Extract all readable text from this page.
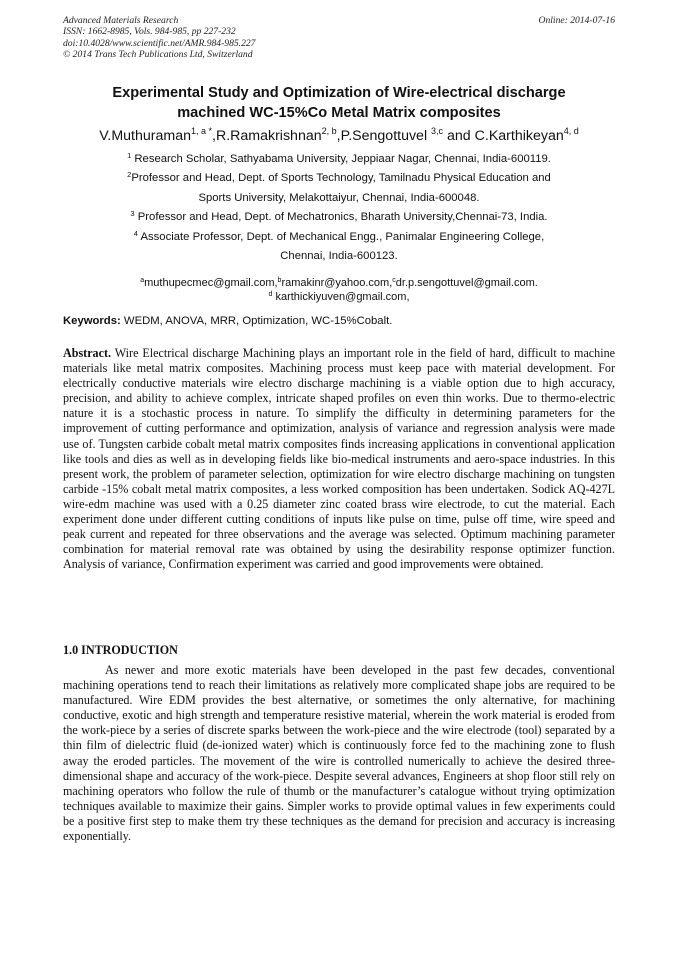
Advanced Materials Research
ISSN: 1662-8985, Vols. 984-985, pp 227-232
doi:10.4028/www.scientific.net/AMR.984-985.227
© 2014 Trans Tech Publications Ltd, Switzerland
Online: 2014-07-16
Experimental Study and Optimization of Wire-electrical discharge
machined WC-15%Co Metal Matrix composites
V.Muthuraman$^{1, a *}$,R.Ramakrishnan$^{2, b}$,P.Sengottuvel $^{3,c}$ and C.Karthikeyan$^{4, d}$
$^1$ Research Scholar, Sathyabama University, Jeppiaar Nagar, Chennai, India-600119.
$^2$Professor and Head, Dept. of Sports Technology, Tamilnadu Physical Education and
Sports University, Melakottaiyur, Chennai, India-600048.
$^3$ Professor and Head, Dept. of Mechatronics, Bharath University,Chennai-73, India.
$^4$ Associate Professor, Dept. of Mechanical Engg., Panimalar Engineering College,
Chennai, India-600123.
$^a$muthupecmec@gmail.com,$^b$ramakinr@yahoo.com,$^c$dr.p.sengottuvel@gmail.com.
$^d$ karthickiyuven@gmail.com,
Keywords: WEDM, ANOVA, MRR, Optimization, WC-15%Cobalt.
Abstract. Wire Electrical discharge Machining plays an important role in the field of hard, difficult to machine materials like metal matrix composites. Machining process must keep pace with material development. For electrically conductive materials wire electro discharge machining is a viable option due to high accuracy, precision, and ability to achieve complex, intricate shaped profiles on even thin works. Due to thermo-electric nature it is a stochastic process in nature. To simplify the difficulty in determining parameters for the improvement of cutting performance and optimization, analysis of variance and regression analysis were made use of. Tungsten carbide cobalt metal matrix composites finds increasing applications in conventional application like tools and dies as well as in developing fields like bio-medical instruments and aero-space industries. In this present work, the problem of parameter selection, optimization for wire electro discharge machining on tungsten carbide -15% cobalt metal matrix composites, a less worked composition has been undertaken. Sodick AQ-427L wire-edm machine was used with a 0.25 diameter zinc coated brass wire electrode, to cut the material. Each experiment done under different cutting conditions of inputs like pulse on time, pulse off time, wire speed and peak current and repeated for three observations and the average was selected. Optimum machining parameter combination for material removal rate was obtained by using the desirability response optimizer function. Analysis of variance, Confirmation experiment was carried and good improvements were obtained.
1.0 INTRODUCTION
As newer and more exotic materials have been developed in the past few decades, conventional machining operations tend to reach their limitations as relatively more complicated shape jobs are required to be manufactured. Wire EDM provides the best alternative, or sometimes the only alternative, for machining conductive, exotic and high strength and temperature resistive material, wherein the work material is eroded from the work-piece by a series of discrete sparks between the work-piece and the wire electrode (tool) separated by a thin film of dielectric fluid (de-ionized water) which is continuously force fed to the machining zone to flush away the eroded particles. The movement of the wire is controlled numerically to achieve the desired three-dimensional shape and accuracy of the work-piece. Despite several advances, Engineers at shop floor still rely on machining operators who follow the rule of thumb or the manufacturer’s catalogue without trying optimization techniques available to maximize their gains. Simpler works to provide optimal values in few experiments could be a positive first step to make them try these techniques as the demand for precision and accuracy is increasing exponentially.
